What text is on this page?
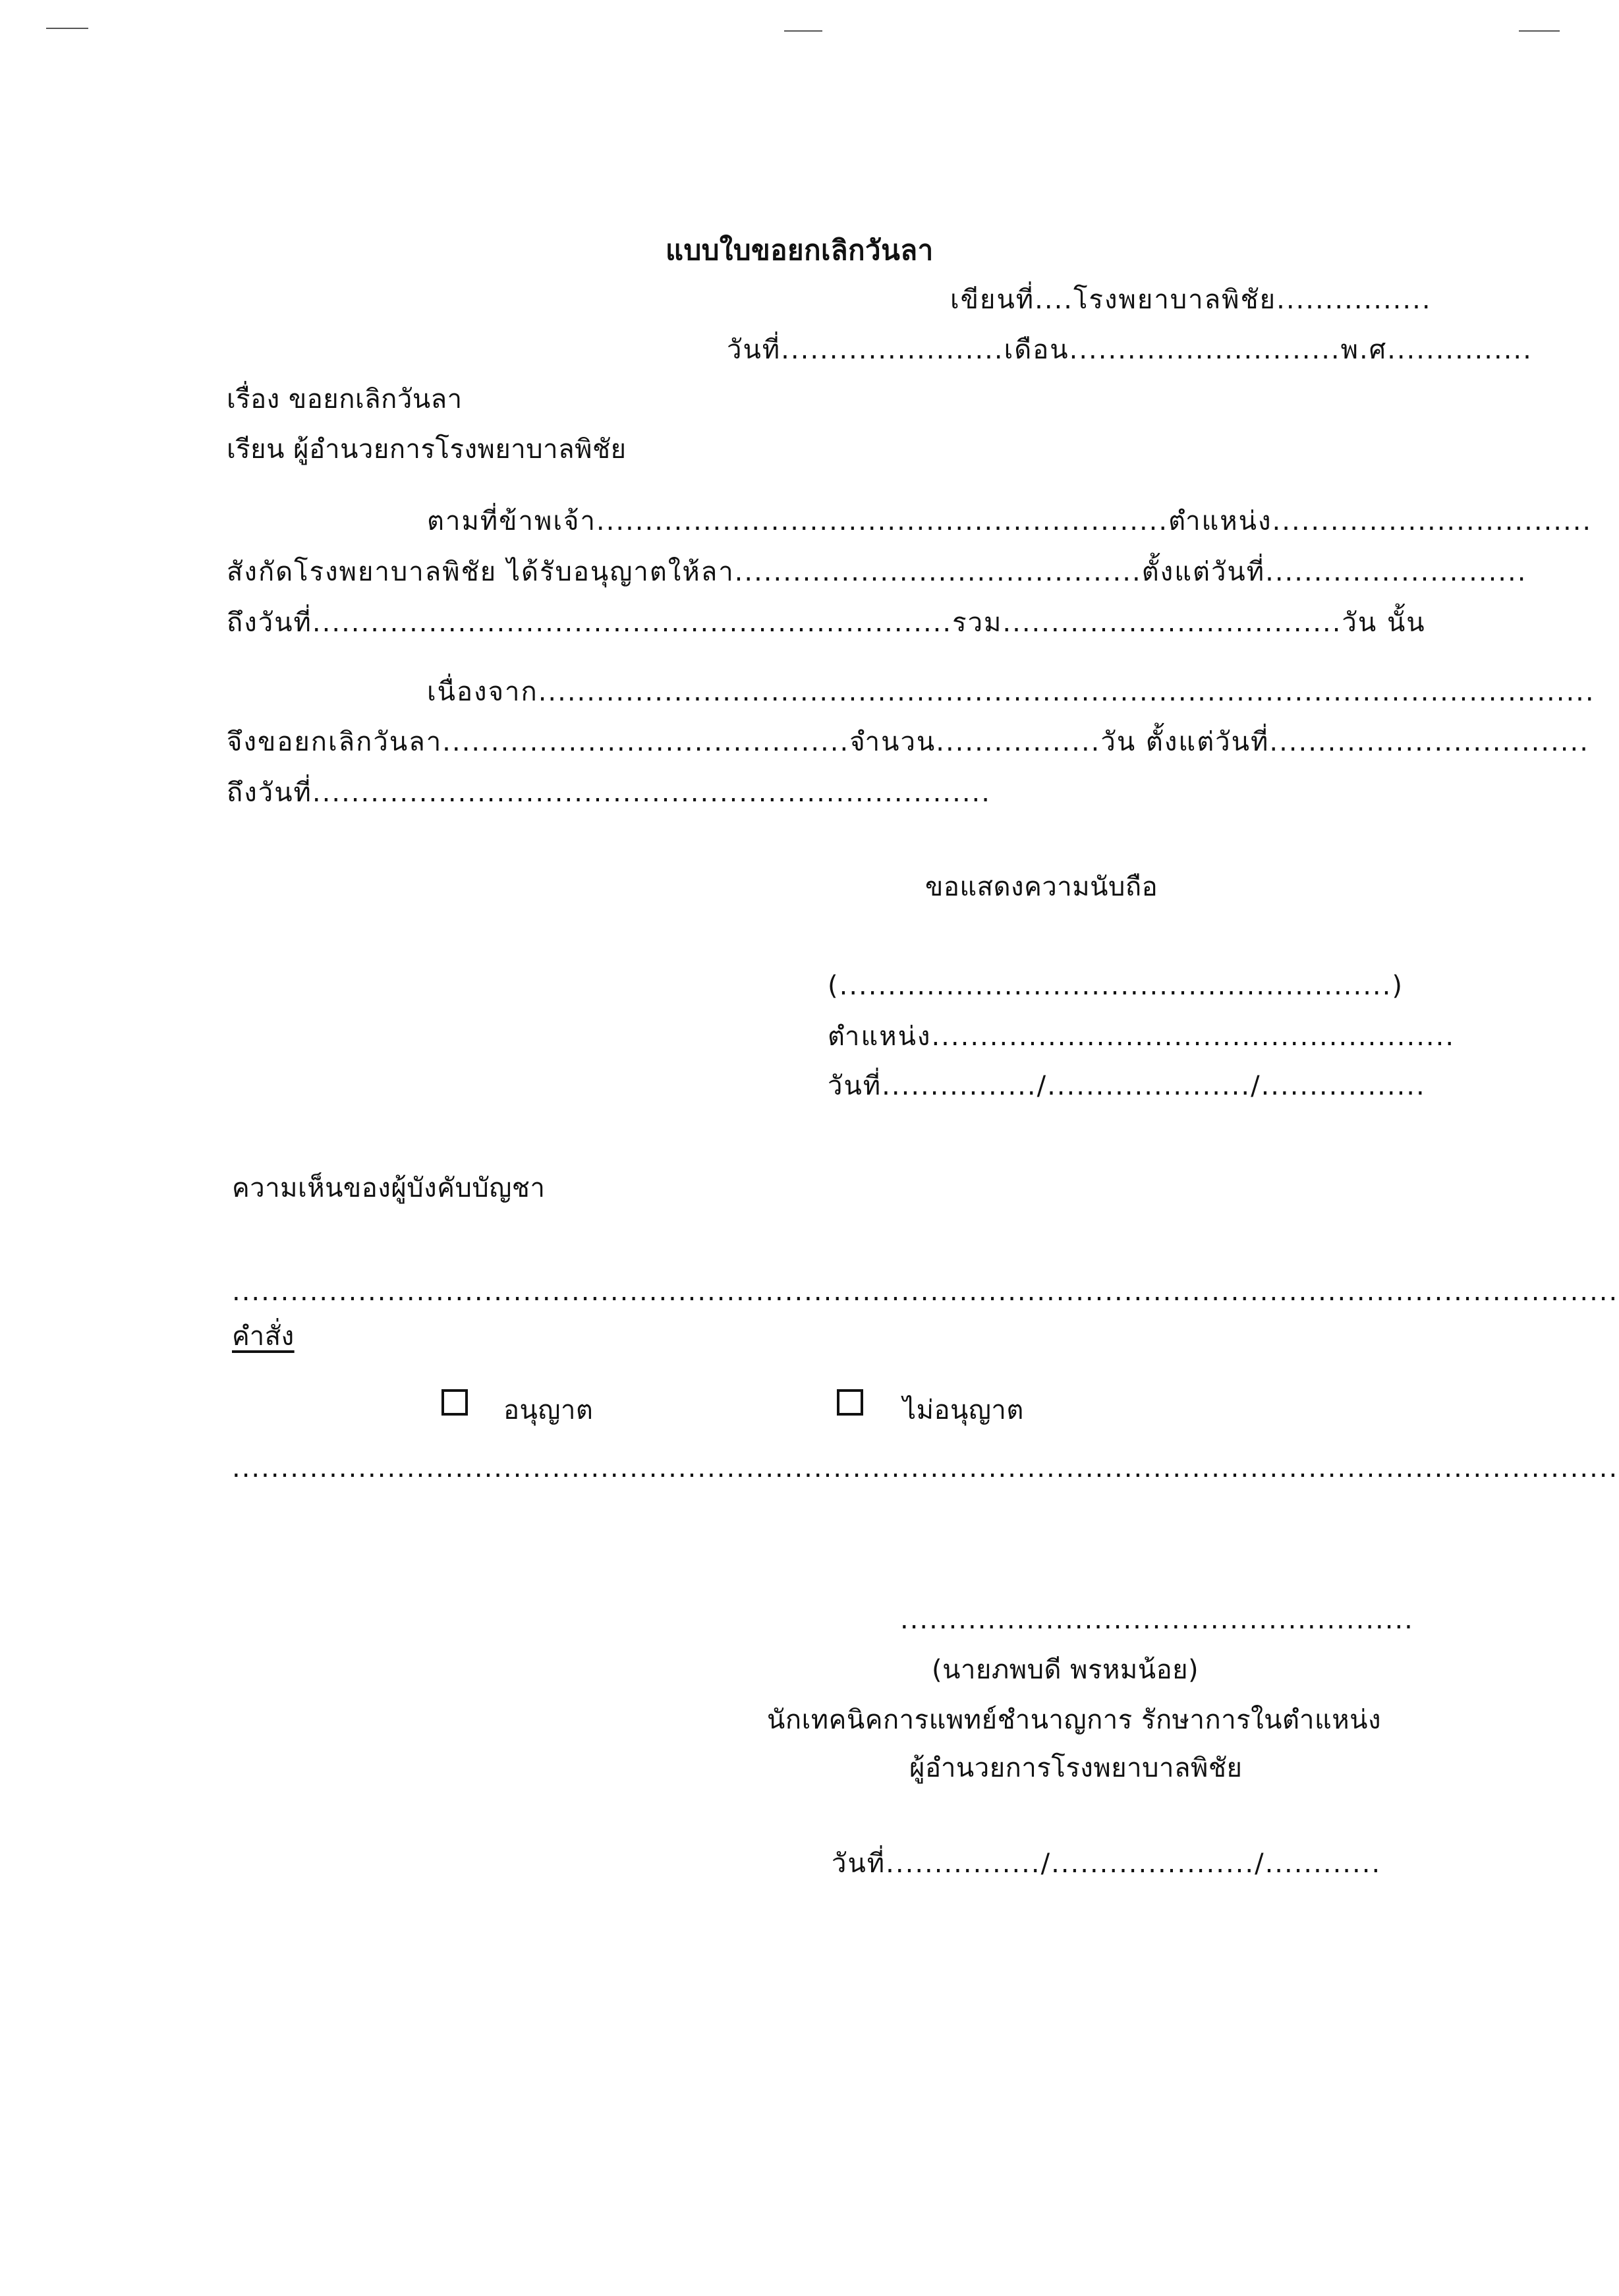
แบบใบขอยกเลิกวันลา
เขียนที่....โรงพยาบาลพิชัย................
วันที่.......................เดือน............................พ.ศ...............
เรื่อง ขอยกเลิกวันลา
เรียน ผู้อำนวยการโรงพยาบาลพิชัย
ตามที่ข้าพเจ้า...........................................................ตำแหน่ง.................................
สังกัดโรงพยาบาลพิชัย ได้รับอนุญาตให้ลา..........................................ตั้งแต่วันที่...........................
ถึงวันที่..................................................................รวม...................................วัน นั้น
เนื่องจาก.............................................................................................................
จึงขอยกเลิกวันลา..........................................จำนวน.................วัน ตั้งแต่วันที่.................................
ถึงวันที่......................................................................
ขอแสดงความนับถือ
(.........................................................)
ตำแหน่ง......................................................
วันที่................/...................../.................
ความเห็นของผู้บังคับบัญชา
...............................................................................................................................................
คำสั่ง
อนุญาต	ไม่อนุญาต
...............................................................................................................................................
.....................................................
(นายภพบดี พรหมน้อย)
นักเทคนิคการแพทย์ชำนาญการ รักษาการในตำแหน่ง
ผู้อำนวยการโรงพยาบาลพิชัย
วันที่................/...................../............
